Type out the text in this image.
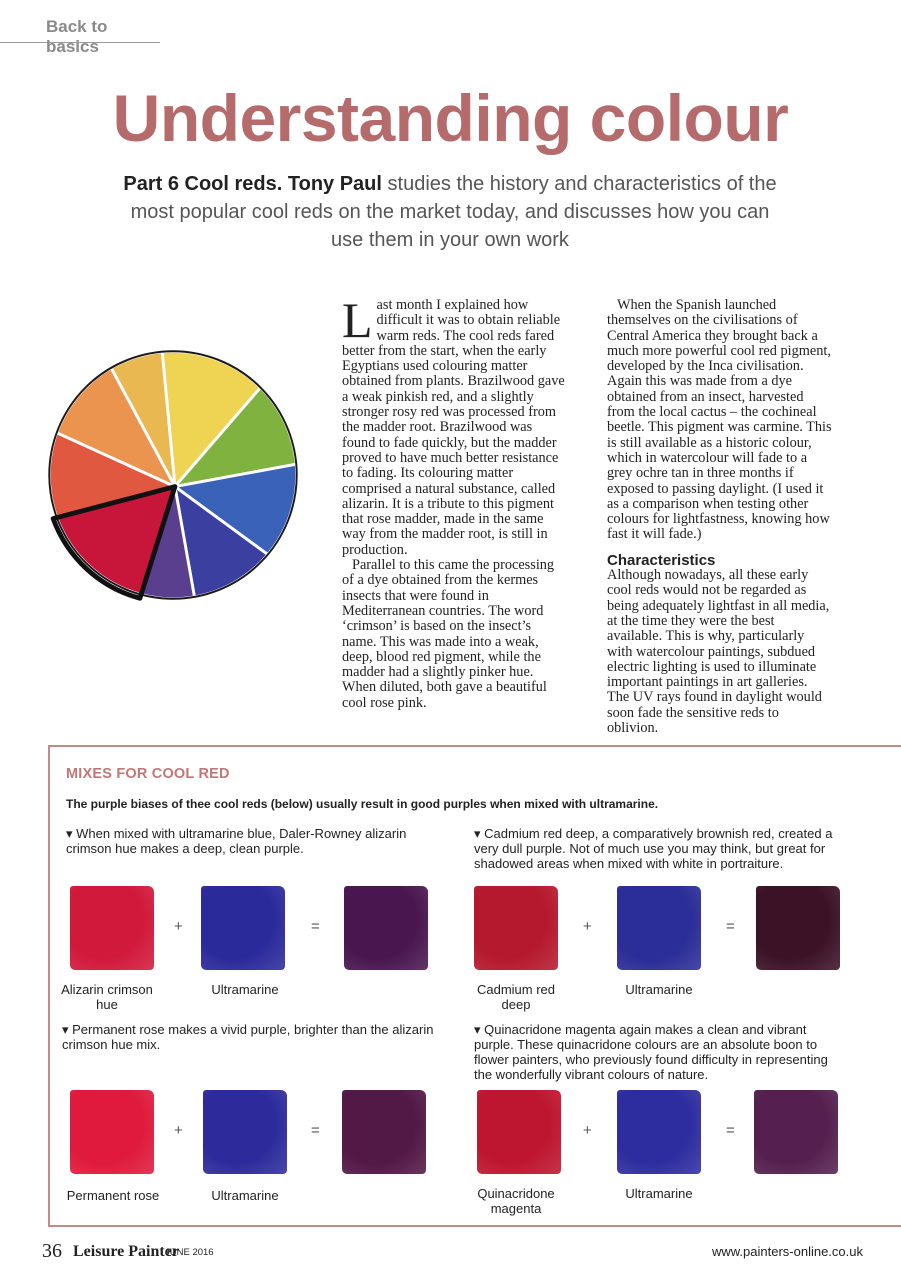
Back to basics
Understanding colour
Part 6 Cool reds. Tony Paul studies the history and characteristics of the most popular cool reds on the market today, and discusses how you can use them in your own work

Last month I explained how difficult it was to obtain reliable warm reds. The cool reds fared better from the start, when the early Egyptians used colouring matter obtained from plants. Brazilwood gave a weak pinkish red, and a slightly stronger rosy red was processed from the madder root. Brazilwood was found to fade quickly, but the madder proved to have much better resistance to fading. Its colouring matter comprised a natural substance, called alizarin. It is a tribute to this pigment that rose madder, made in the same way from the madder root, is still in production.

Parallel to this came the processing of a dye obtained from the kermes insects that were found in Mediterranean countries. The word ‘crimson’ is based on the insect’s name. This was made into a weak, deep, blood red pigment, while the madder had a slightly pinker hue. When diluted, both gave a beautiful cool rose pink.

When the Spanish launched themselves on the civilisations of Central America they brought back a much more powerful cool red pigment, developed by the Inca civilisation. Again this was made from a dye obtained from an insect, harvested from the local cactus – the cochineal beetle. This pigment was carmine. This is still available as a historic colour, which in watercolour will fade to a grey ochre tan in three months if exposed to passing daylight. (I used it as a comparison when testing other colours for lightfastness, knowing how fast it will fade.)

Characteristics

Although nowadays, all these early cool reds would not be regarded as being adequately lightfast in all media, at the time they were the best available. This is why, particularly with watercolour paintings, subdued electric lighting is used to illuminate important paintings in art galleries. The UV rays found in daylight would soon fade the sensitive reds to oblivion.

MIXES FOR COOL RED
The purple biases of thee cool reds (below) usually result in good purples when mixed with ultramarine.
▾ When mixed with ultramarine blue, Daler-Rowney alizarin crimson hue makes a deep, clean purple.
+	=
Alizarin crimson hue
Ultramarine
▾ Cadmium red deep, a comparatively brownish red, created a very dull purple. Not of much use you may think, but great for shadowed areas when mixed with white in portraiture.
+	=
Cadmium red deep
Ultramarine
▾ Permanent rose makes a vivid purple, brighter than the alizarin crimson hue mix.
+	=
Permanent rose	Ultramarine
▾ Quinacridone magenta again makes a clean and vibrant purple. These quinacridone colours are an absolute boon to flower painters, who previously found difficulty in representing the wonderfully vibrant colours of nature.
+	=
Quinacridone magenta
Ultramarine
36 Leisure Painter
JUNE 2016	www.painters-online.co.uk
